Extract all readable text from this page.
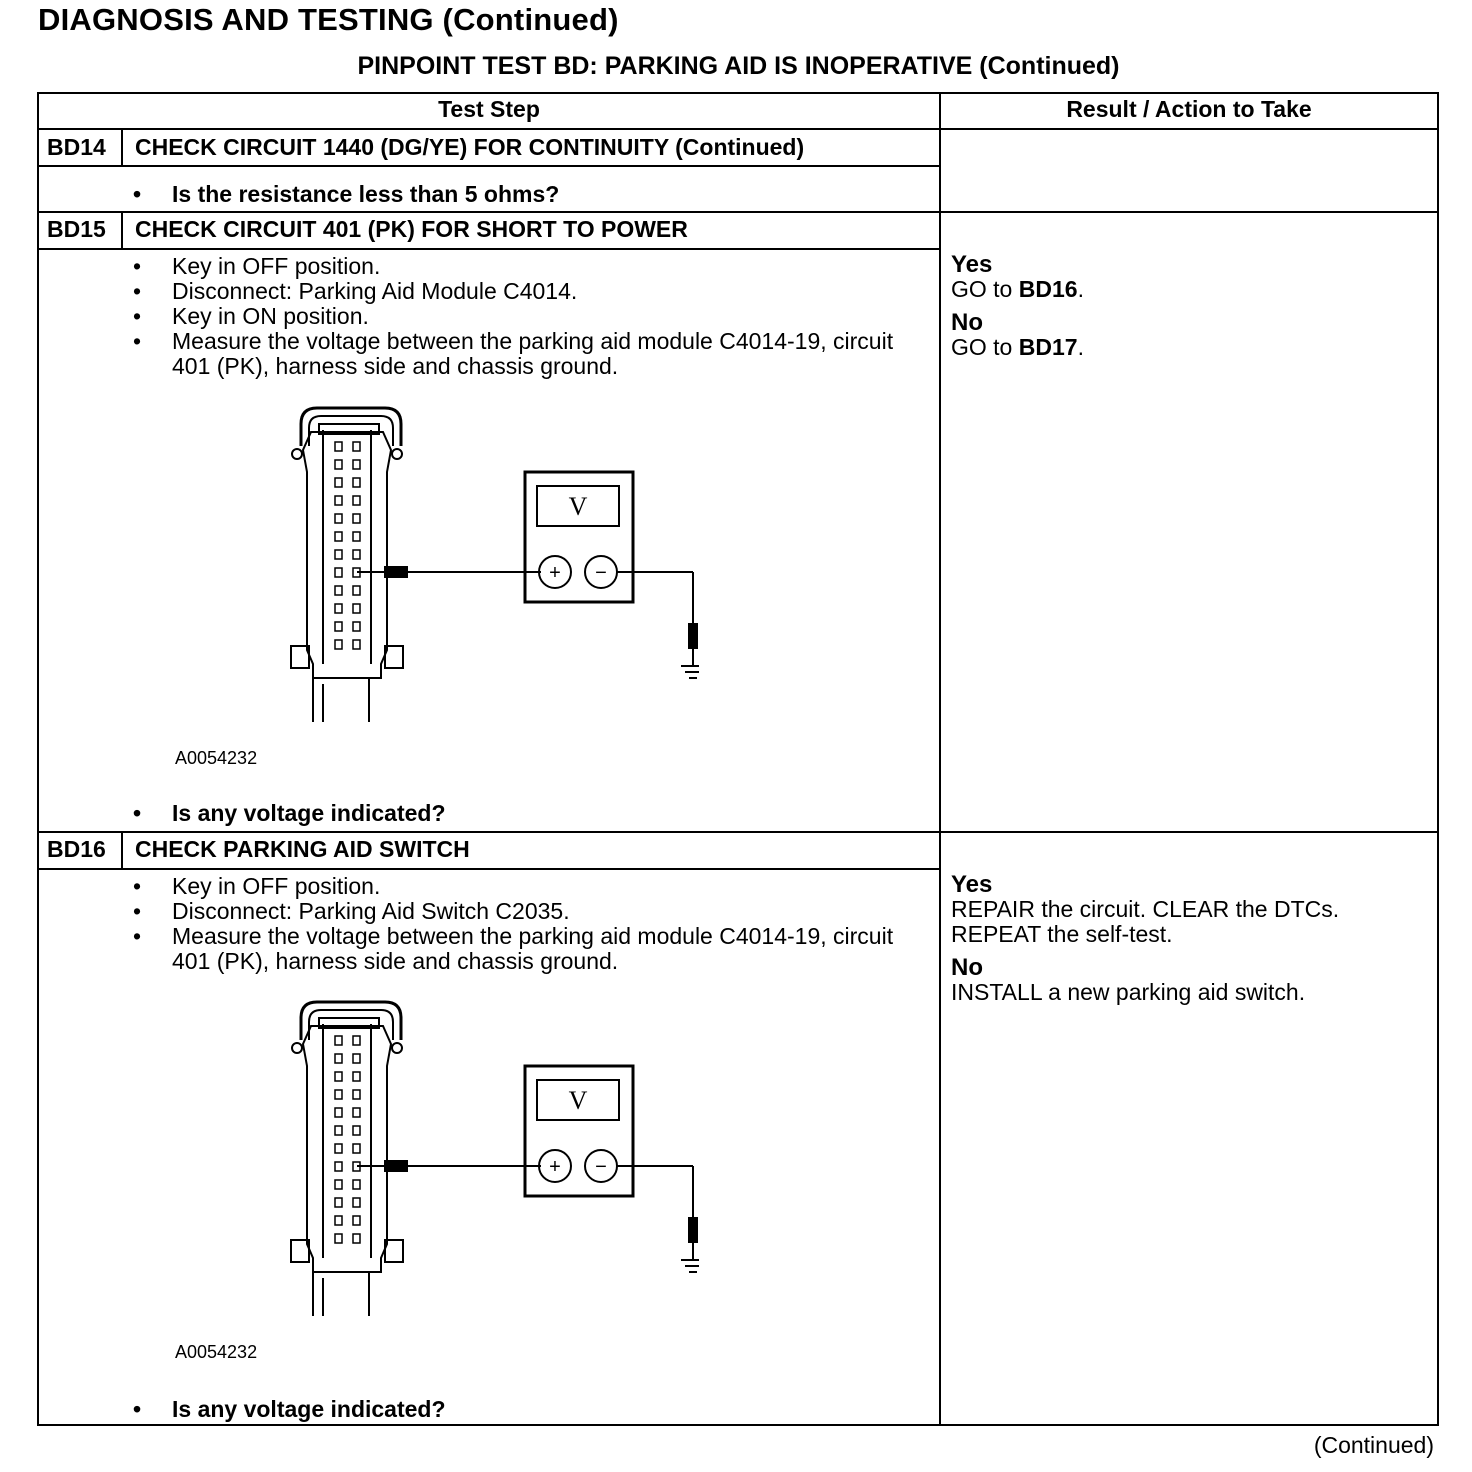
DIAGNOSIS AND TESTING (Continued)
PINPOINT TEST BD: PARKING AID IS INOPERATIVE (Continued)
Test Step	Result / Action to Take
BD14 CHECK CIRCUIT 1440 (DG/YE) FOR CONTINUITY (Continued)
• Is the resistance less than 5 ohms?
BD15 CHECK CIRCUIT 401 (PK) FOR SHORT TO POWER
• Key in OFF position.
• Disconnect: Parking Aid Module C4014.
• Key in ON position.
• Measure the voltage between the parking aid module C4014-19, circuit 401 (PK), harness side and chassis ground.
V
+ −
A0054232
• Is any voltage indicated?
Yes
GO to BD16.
No
GO to BD17.
BD16 CHECK PARKING AID SWITCH
• Key in OFF position.
• Disconnect: Parking Aid Switch C2035.
• Measure the voltage between the parking aid module C4014-19, circuit 401 (PK), harness side and chassis ground.
V
+ −
A0054232
• Is any voltage indicated?
Yes
REPAIR the circuit. CLEAR the DTCs. REPEAT the self-test.
No
INSTALL a new parking aid switch.
(Continued)
